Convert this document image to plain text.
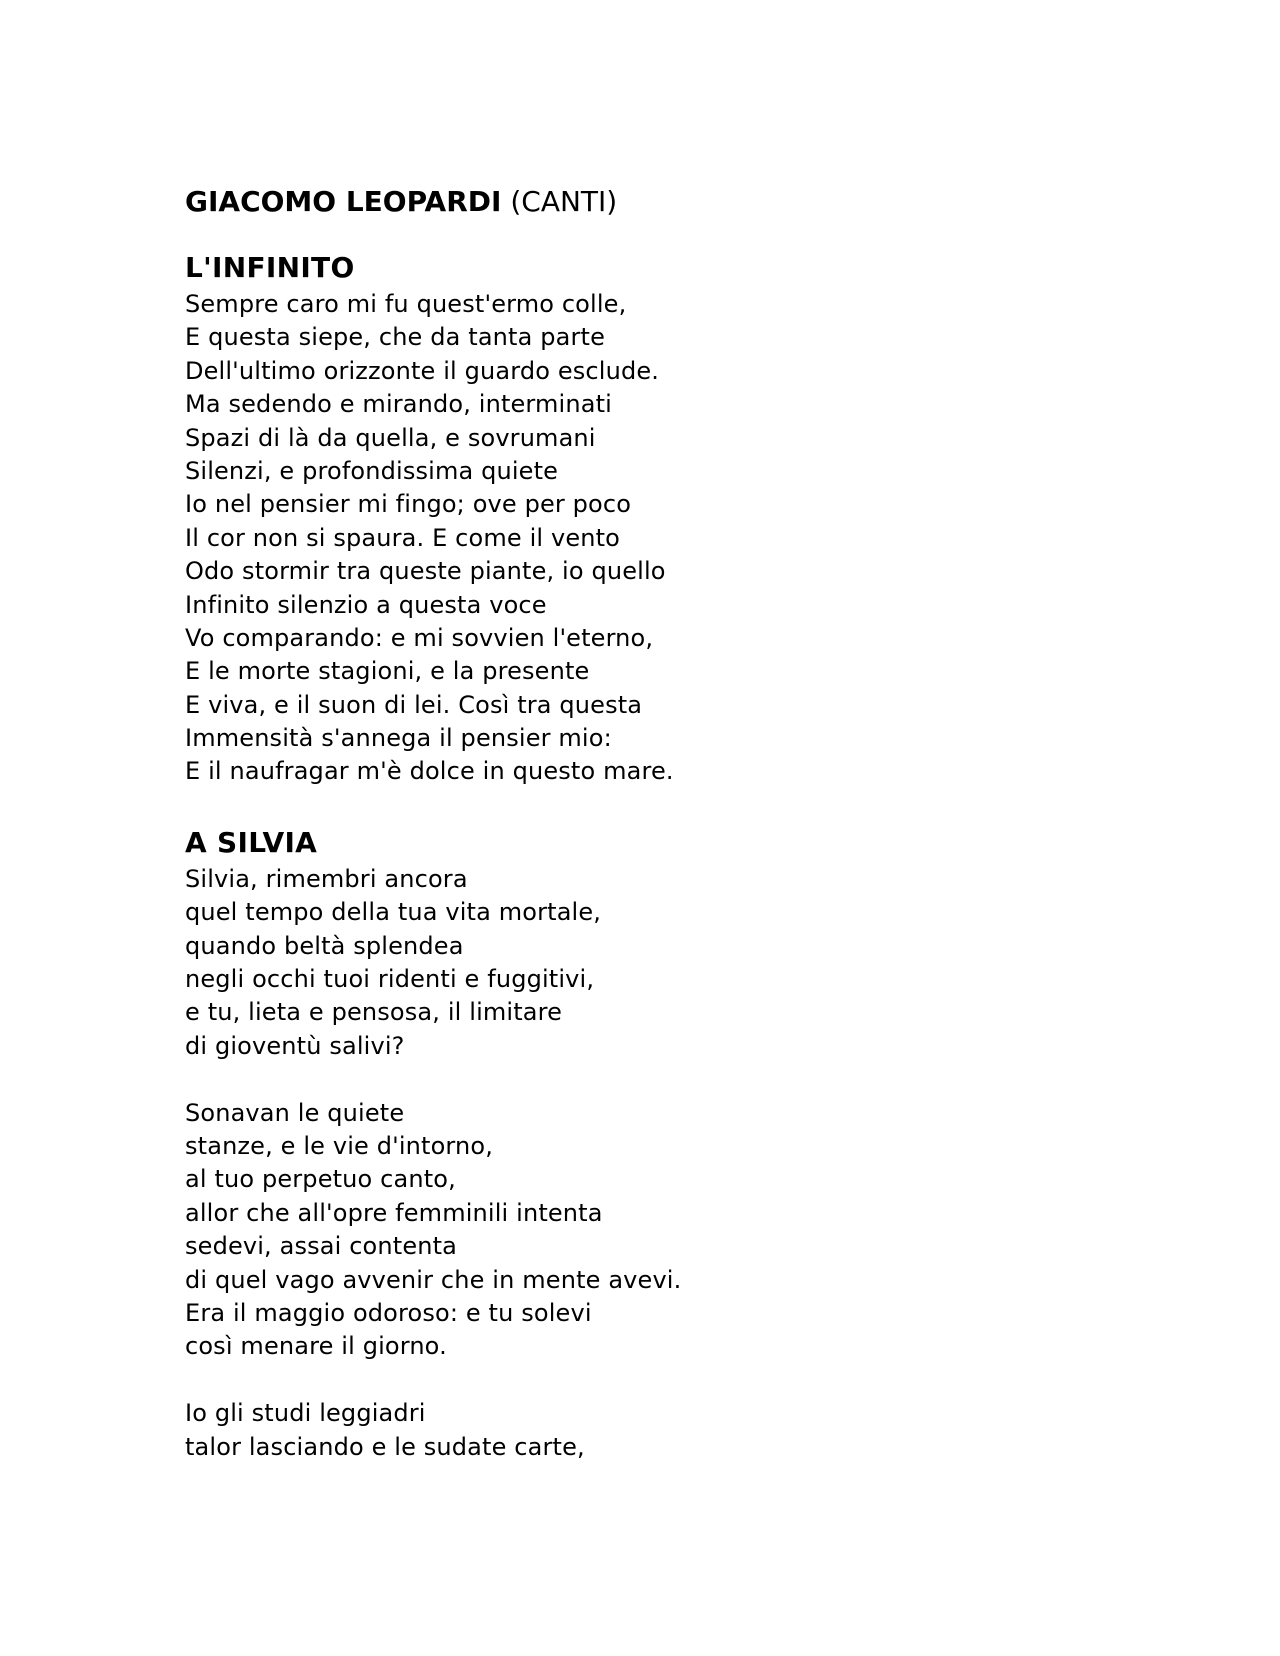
GIACOMO LEOPARDI (CANTI)
L'INFINITO
Sempre caro mi fu quest'ermo colle,
E questa siepe, che da tanta parte
Dell'ultimo orizzonte il guardo esclude.
Ma sedendo e mirando, interminati
Spazi di là da quella, e sovrumani
Silenzi, e profondissima quiete
Io nel pensier mi fingo; ove per poco
Il cor non si spaura. E come il vento
Odo stormir tra queste piante, io quello
Infinito silenzio a questa voce
Vo comparando: e mi sovvien l'eterno,
E le morte stagioni, e la presente
E viva, e il suon di lei. Così tra questa
Immensità s'annega il pensier mio:
E il naufragar m'è dolce in questo mare.
A SILVIA
Silvia, rimembri ancora
quel tempo della tua vita mortale,
quando beltà splendea
negli occhi tuoi ridenti e fuggitivi,
e tu, lieta e pensosa, il limitare
di gioventù salivi?
Sonavan le quiete
stanze, e le vie d'intorno,
al tuo perpetuo canto,
allor che all'opre femminili intenta
sedevi, assai contenta
di quel vago avvenir che in mente avevi.
Era il maggio odoroso: e tu solevi
così menare il giorno.
Io gli studi leggiadri
talor lasciando e le sudate carte,
